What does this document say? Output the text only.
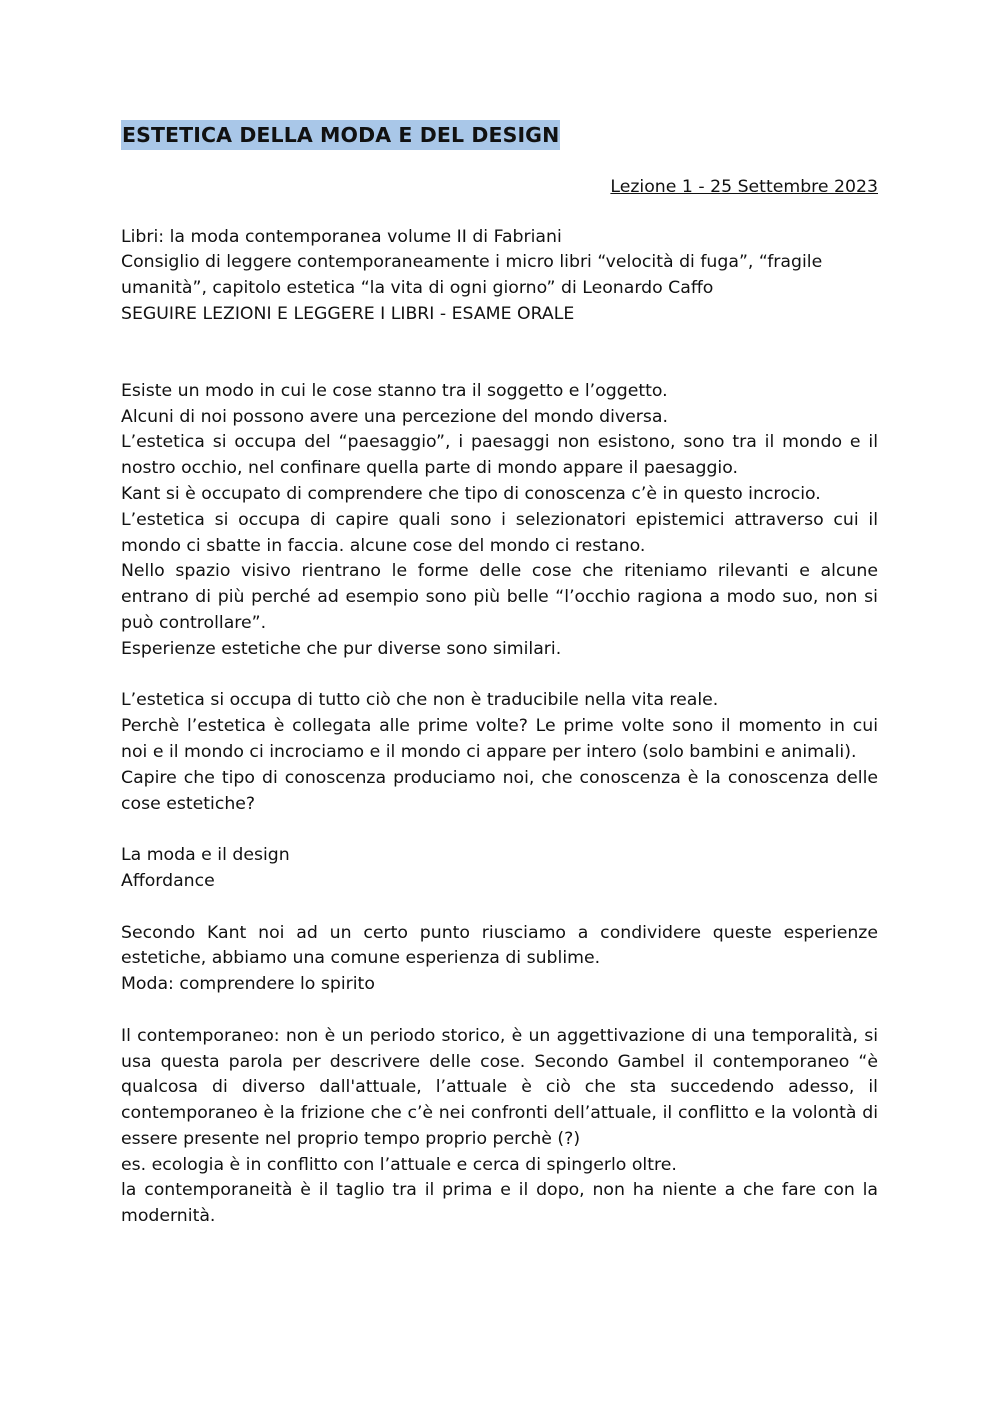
ESTETICA DELLA MODA E DEL DESIGN
Lezione 1 - 25 Settembre 2023

Libri: la moda contemporanea volume II di Fabriani

Consiglio di leggere contemporaneamente i micro libri “velocità di fuga”, “fragile umanità”, capitolo estetica “la vita di ogni giorno” di Leonardo Caffo

SEGUIRE LEZIONI E LEGGERE I LIBRI - ESAME ORALE

Esiste un modo in cui le cose stanno tra il soggetto e l’oggetto.

Alcuni di noi possono avere una percezione del mondo diversa.

L’estetica si occupa del “paesaggio”, i paesaggi non esistono, sono tra il mondo e il nostro occhio, nel confinare quella parte di mondo appare il paesaggio.

Kant si è occupato di comprendere che tipo di conoscenza c’è in questo incrocio.

L’estetica si occupa di capire quali sono i selezionatori epistemici attraverso cui il mondo ci sbatte in faccia. alcune cose del mondo ci restano.

Nello spazio visivo rientrano le forme delle cose che riteniamo rilevanti e alcune entrano di più perché ad esempio sono più belle “l’occhio ragiona a modo suo, non si può controllare”.

Esperienze estetiche che pur diverse sono similari.

L’estetica si occupa di tutto ciò che non è traducibile nella vita reale.

Perchè l’estetica è collegata alle prime volte? Le prime volte sono il momento in cui noi e il mondo ci incrociamo e il mondo ci appare per intero (solo bambini e animali).

Capire che tipo di conoscenza produciamo noi, che conoscenza è la conoscenza delle cose estetiche?

La moda e il design

Affordance

Secondo Kant noi ad un certo punto riusciamo a condividere queste esperienze estetiche, abbiamo una comune esperienza di sublime.

Moda: comprendere lo spirito

Il contemporaneo: non è un periodo storico, è un aggettivazione di una temporalità, si usa questa parola per descrivere delle cose. Secondo Gambel il contemporaneo “è qualcosa di diverso dall'attuale, l’attuale è ciò che sta succedendo adesso, il contemporaneo è la frizione che c’è nei confronti dell’attuale, il conflitto e la volontà di essere presente nel proprio tempo proprio perchè (?)

es. ecologia è in conflitto con l’attuale e cerca di spingerlo oltre.

la contemporaneità è il taglio tra il prima e il dopo, non ha niente a che fare con la modernità.
